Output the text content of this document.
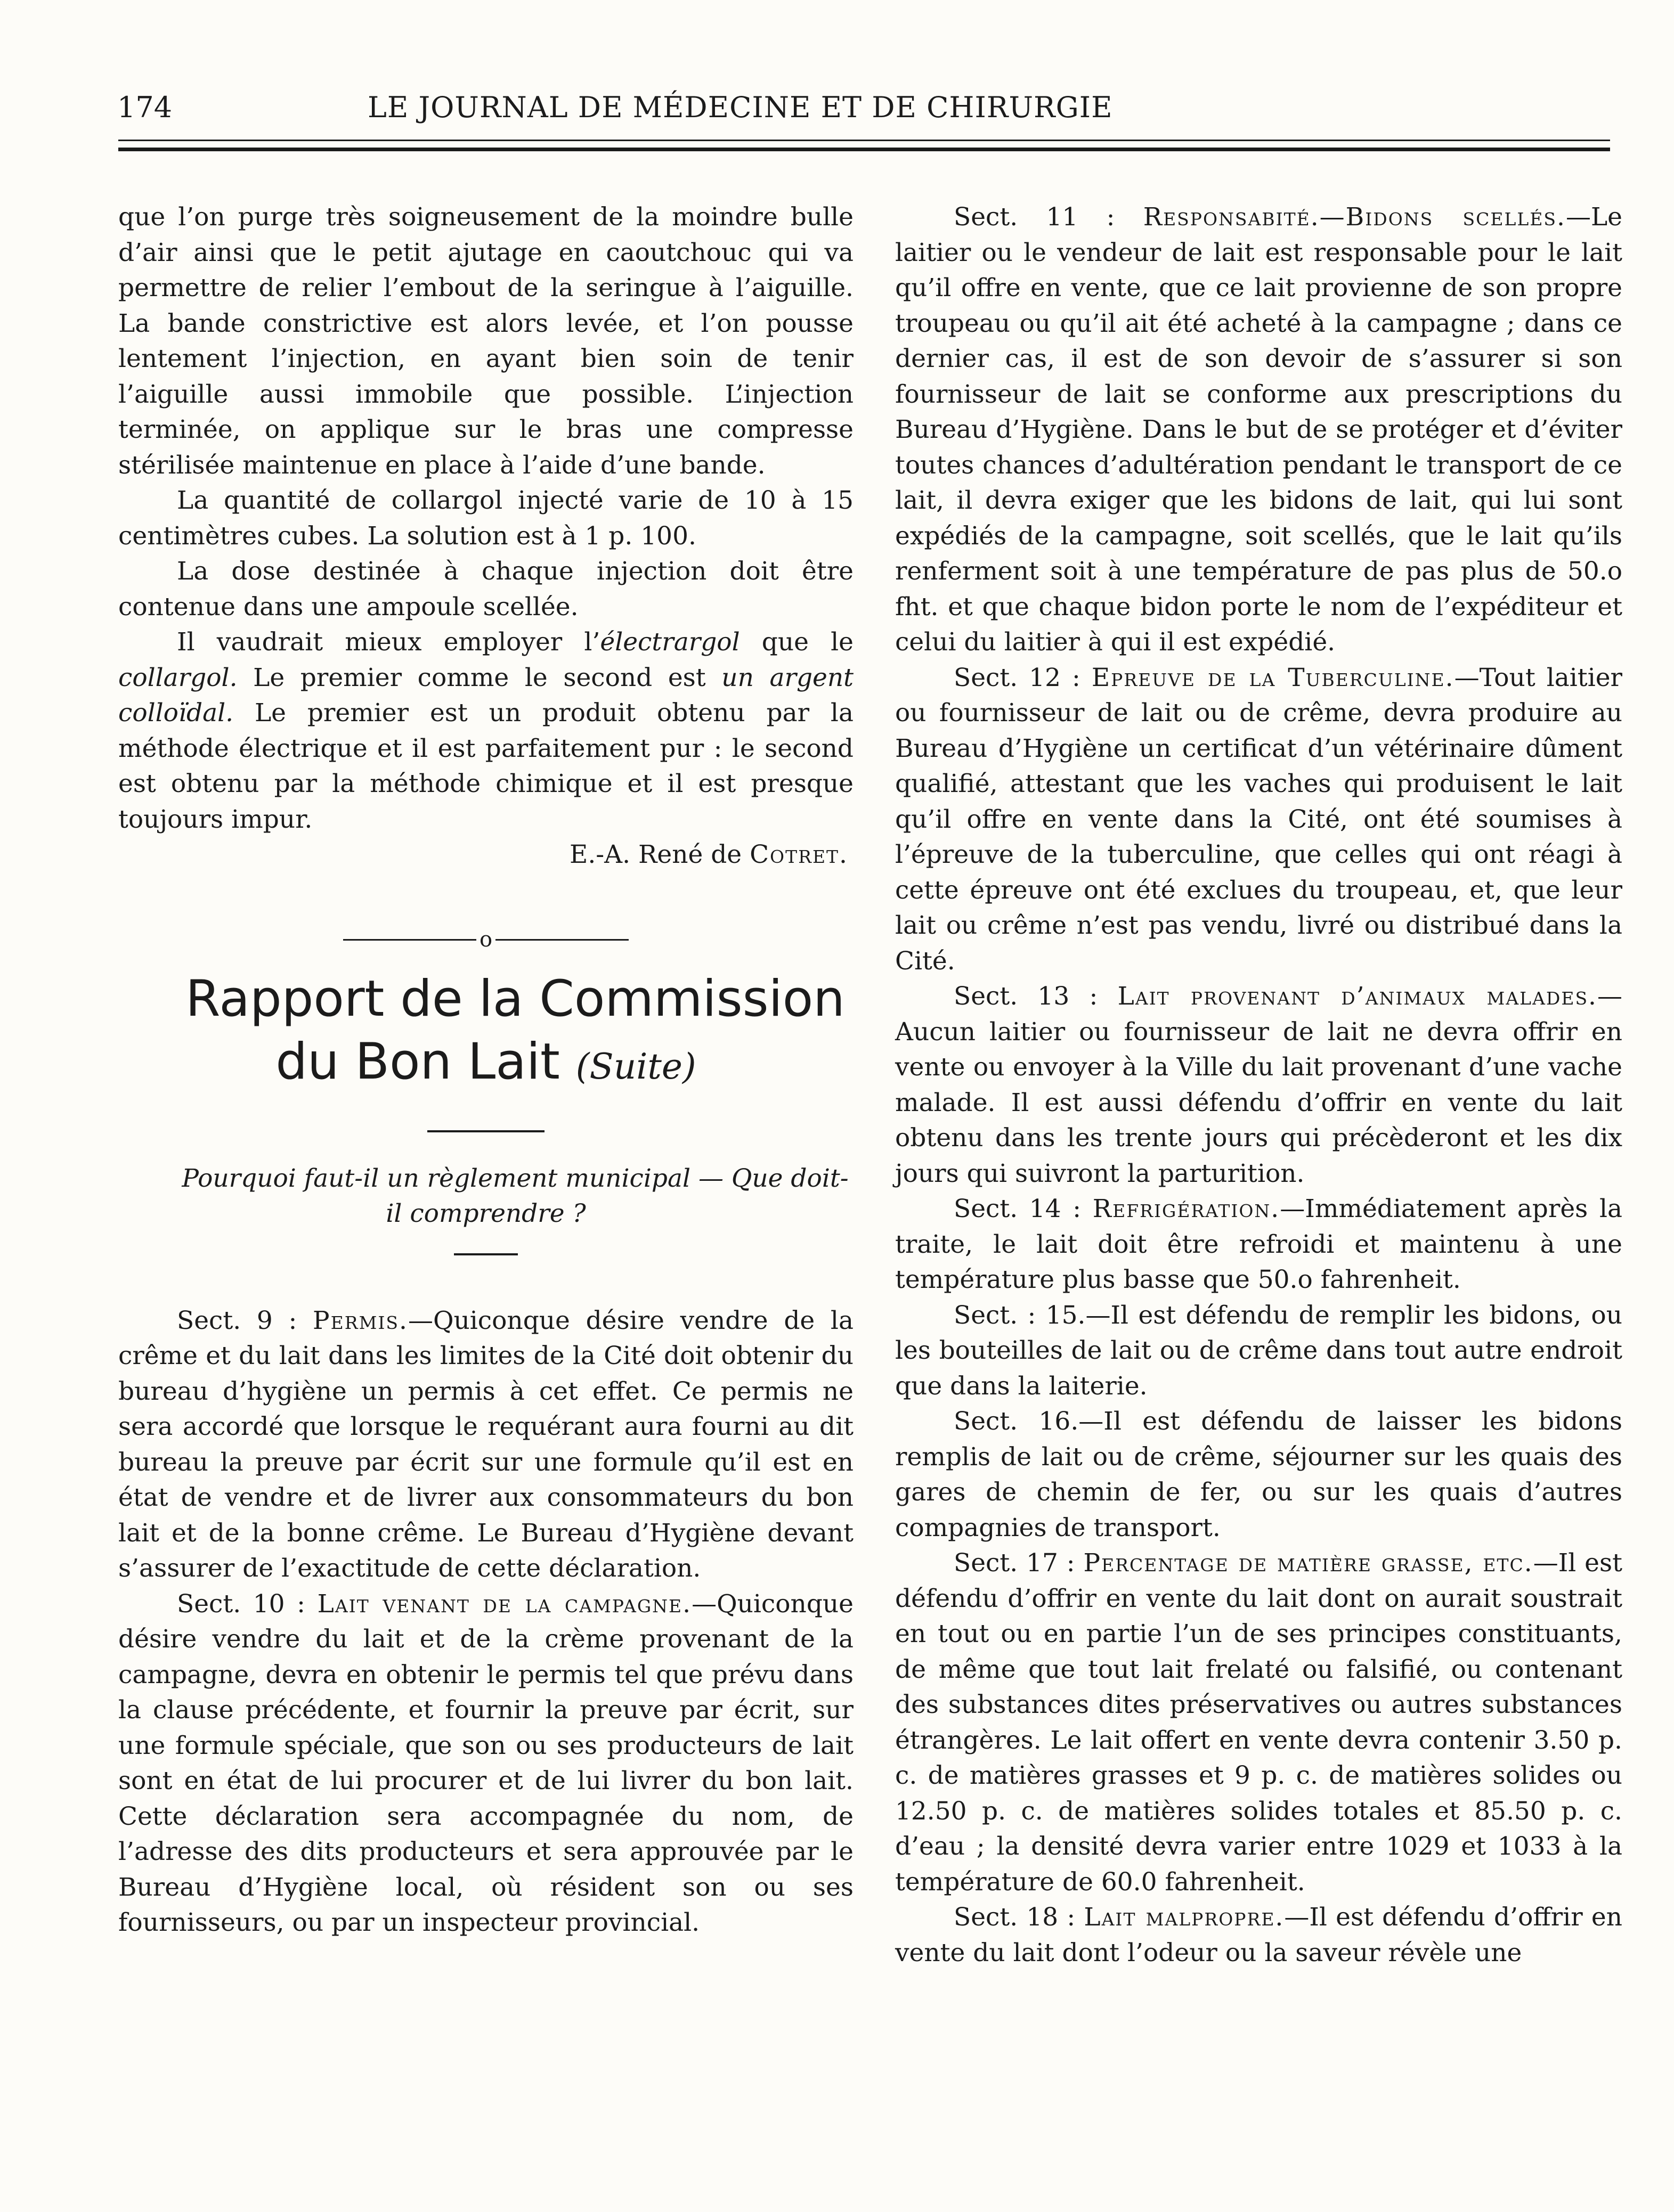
174	LE JOURNAL DE MÉDECINE ET DE CHIRURGIE

que l’on purge très soigneusement de la moindre bulle d’air ainsi que le petit ajutage en caoutchouc qui va permettre de relier l’embout de la seringue à l’aiguille. La bande constrictive est alors levée, et l’on pousse lentement l’injection, en ayant bien soin de tenir l’aiguille aussi immobile que possible. L’injection terminée, on applique sur le bras une compresse stérilisée maintenue en place à l’aide d’une bande.

La quantité de collargol injecté varie de 10 à 15 centimètres cubes. La solution est à 1 p. 100.

La dose destinée à chaque injection doit être contenue dans une ampoule scellée.

Il vaudrait mieux employer l’électrargol que le collargol. Le premier comme le second est un argent colloïdal. Le premier est un produit obtenu par la méthode électrique et il est parfaitement pur : le second est obtenu par la méthode chimique et il est presque toujours impur.

E.-A. René de Cotret.

o

Rapport de la Commission
du Bon Lait (Suite)

Pourquoi faut-il un règlement municipal — Que doit-il comprendre ?

Sect. 9 : Permis.—Quiconque désire vendre de la crême et du lait dans les limites de la Cité doit obtenir du bureau d’hygiène un permis à cet effet. Ce permis ne sera accordé que lorsque le requérant aura fourni au dit bureau la preuve par écrit sur une formule qu’il est en état de vendre et de livrer aux consommateurs du bon lait et de la bonne crême. Le Bureau d’Hygiène devant s’assurer de l’exactitude de cette déclaration.

Sect. 10 : Lait venant de la campagne.—Quiconque désire vendre du lait et de la crème provenant de la campagne, devra en obtenir le permis tel que prévu dans la clause précédente, et fournir la preuve par écrit, sur une formule spéciale, que son ou ses producteurs de lait sont en état de lui procurer et de lui livrer du bon lait. Cette déclaration sera accompagnée du nom, de l’adresse des dits producteurs et sera approuvée par le Bureau d’Hygiène local, où résident son ou ses fournisseurs, ou par un inspecteur provincial.

Sect. 11 : Responsabité.—Bidons scellés.—Le laitier ou le vendeur de lait est responsable pour le lait qu’il offre en vente, que ce lait provienne de son propre troupeau ou qu’il ait été acheté à la campagne ; dans ce dernier cas, il est de son devoir de s’assurer si son fournisseur de lait se conforme aux prescriptions du Bureau d’Hygiène. Dans le but de se protéger et d’éviter toutes chances d’adultération pendant le transport de ce lait, il devra exiger que les bidons de lait, qui lui sont expédiés de la campagne, soit scellés, que le lait qu’ils renferment soit à une température de pas plus de 50.o fht. et que chaque bidon porte le nom de l’expéditeur et celui du laitier à qui il est expédié.

Sect. 12 : Epreuve de la Tuberculine.—Tout laitier ou fournisseur de lait ou de crême, devra produire au Bureau d’Hygiène un certificat d’un vétérinaire dûment qualifié, attestant que les vaches qui produisent le lait qu’il offre en vente dans la Cité, ont été soumises à l’épreuve de la tuberculine, que celles qui ont réagi à cette épreuve ont été exclues du troupeau, et, que leur lait ou crême n’est pas vendu, livré ou distribué dans la Cité.

Sect. 13 : Lait provenant d’animaux malades.—Aucun laitier ou fournisseur de lait ne devra offrir en vente ou envoyer à la Ville du lait provenant d’une vache malade. Il est aussi défendu d’offrir en vente du lait obtenu dans les trente jours qui précèderont et les dix jours qui suivront la parturition.

Sect. 14 : Refrigération.—Immédiatement après la traite, le lait doit être refroidi et maintenu à une température plus basse que 50.o fahrenheit.

Sect. : 15.—Il est défendu de remplir les bidons, ou les bouteilles de lait ou de crême dans tout autre endroit que dans la laiterie.

Sect. 16.—Il est défendu de laisser les bidons remplis de lait ou de crême, séjourner sur les quais des gares de chemin de fer, ou sur les quais d’autres compagnies de transport.

Sect. 17 : Percentage de matière grasse, etc.—Il est défendu d’offrir en vente du lait dont on aurait soustrait en tout ou en partie l’un de ses principes constituants, de même que tout lait frelaté ou falsifié, ou contenant des substances dites préservatives ou autres substances étrangères. Le lait offert en vente devra contenir 3.50 p. c. de matières grasses et 9 p. c. de matières solides ou 12.50 p. c. de matières solides totales et 85.50 p. c. d’eau ; la densité devra varier entre 1029 et 1033 à la température de 60.0 fahrenheit.

Sect. 18 : Lait malpropre.—Il est défendu d’offrir en vente du lait dont l’odeur ou la saveur révèle une
